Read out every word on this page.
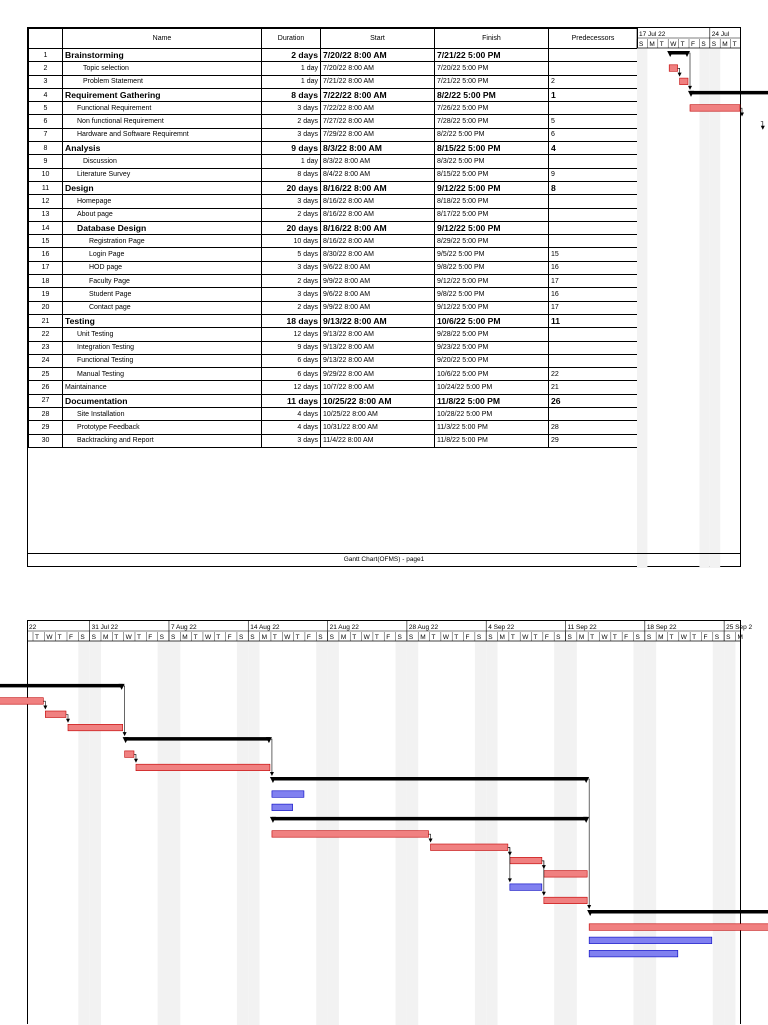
	Name	Duration	Start	Finish	Predecessors
1	Brainstorming	2 days	7/20/22 8:00 AM	7/21/22 5:00 PM	
2	Topic selection	1 day	7/20/22 8:00 AM	7/20/22 5:00 PM	
3	Problem Statement	1 day	7/21/22 8:00 AM	7/21/22 5:00 PM	2
4	Requirement Gathering	8 days	7/22/22 8:00 AM	8/2/22 5:00 PM	1
5	Functional Requirement	3 days	7/22/22 8:00 AM	7/26/22 5:00 PM	
6	Non functional Requirement	2 days	7/27/22 8:00 AM	7/28/22 5:00 PM	5
7	Hardware and Software Requiremnt	3 days	7/29/22 8:00 AM	8/2/22 5:00 PM	6
8	Analysis	9 days	8/3/22 8:00 AM	8/15/22 5:00 PM	4
9	Discussion	1 day	8/3/22 8:00 AM	8/3/22 5:00 PM	
10	Literature Survey	8 days	8/4/22 8:00 AM	8/15/22 5:00 PM	9
11	Design	20 days	8/16/22 8:00 AM	9/12/22 5:00 PM	8
12	Homepage	3 days	8/16/22 8:00 AM	8/18/22 5:00 PM	
13	About page	2 days	8/16/22 8:00 AM	8/17/22 5:00 PM	
14	Database Design	20 days	8/16/22 8:00 AM	9/12/22 5:00 PM	
15	Registration Page	10 days	8/16/22 8:00 AM	8/29/22 5:00 PM	
16	Login Page	5 days	8/30/22 8:00 AM	9/5/22 5:00 PM	15
17	HOD page	3 days	9/6/22 8:00 AM	9/8/22 5:00 PM	16
18	Faculty Page	2 days	9/9/22 8:00 AM	9/12/22 5:00 PM	17
19	Student Page	3 days	9/6/22 8:00 AM	9/8/22 5:00 PM	16
20	Contact page	2 days	9/9/22 8:00 AM	9/12/22 5:00 PM	17
21	Testing	18 days	9/13/22 8:00 AM	10/6/22 5:00 PM	11
22	Unit Testing	12 days	9/13/22 8:00 AM	9/28/22 5:00 PM	
23	Integration Testing	9 days	9/13/22 8:00 AM	9/23/22 5:00 PM	
24	Functional Testing	6 days	9/13/22 8:00 AM	9/20/22 5:00 PM	
25	Manual Testing	6 days	9/29/22 8:00 AM	10/6/22 5:00 PM	22
26	Maintainance	12 days	10/7/22 8:00 AM	10/24/22 5:00 PM	21
27	Documentation	11 days	10/25/22 8:00 AM	11/8/22 5:00 PM	26
28	Site Installation	4 days	10/25/22 8:00 AM	10/28/22 5:00 PM	
29	Prototype Feedback	4 days	10/31/22 8:00 AM	11/3/22 5:00 PM	28
30	Backtracking and Report	3 days	11/4/22 8:00 AM	11/8/22 5:00 PM	29
17 Jul 22	24 Jul
S M T W T F S S M T
Gantt Chart(OFMS) - page1
22	31 Jul 22	7 Aug 22	14 Aug 22	21 Aug 22	28 Aug 22	4 Sep 22	11 Sep 22	18 Sep 22	25 Sep 2
T W T F S S M T W T F S S M T W T F S S M T W T F S S M T W T F S S M T W T F S S M T W T F S S M T W T F S S M T W T F S S M
